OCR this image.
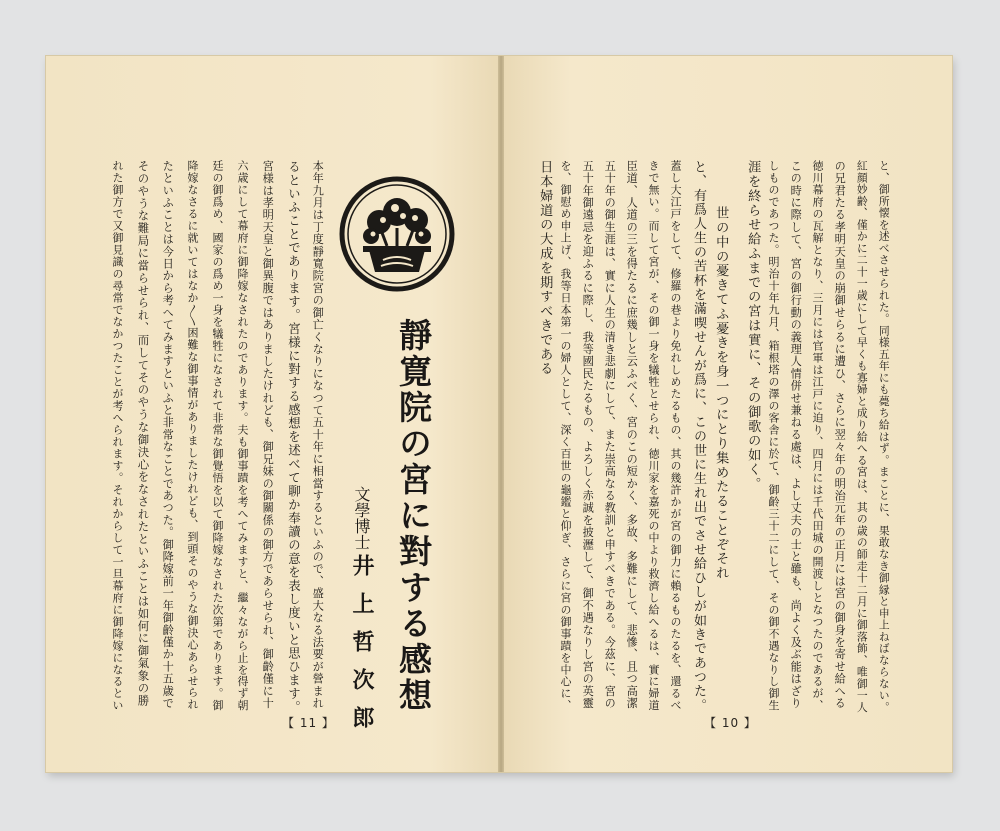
靜寛院の宮に對する感想
文學博士
井上哲次郎
本年九月は丁度靜寛院宮の御亡くなりになつて五十年に相當するといふので、盛大なる法要が營まれ
るといふことであります。宮様に對する感想を述べて聊か奉讀の意を表し度いと思ひます。
宮様は孝明天皇と御異腹ではありましたけれども、御兄妹の御關係の御方であらせられ、御齡僅に十
六歳にして幕府に御降嫁なされたのであります。夫も御事蹟を考へてみますと、繼々ながら止を得ず朝
廷の御爲め、國家の爲め一身を犠牲になされて非常な御覺悟を以て御降嫁なされた次第であります。御
降嫁なさるに就いてはなか〳〵困難な御事情がありましたけれども、到頭そのやうな御決心あらせられ
たといふことは今日から考へてみますといふと非常なことであつた。御降嫁前一年御齡僅か十五歳で
そのやうな難局に當らせられ、而してそのやうな御決心をなされたといふことは如何に御氣象の勝
れた御方で又御見識の尋常でなかつたことが考へられます。それからして一旦幕府に御降嫁になるとい
【 11 】
と、御所懐を述べさせられた。同様五年にも薨ち給はず。まことに、果敢なき御縁と申上ねばならない。
紅顔妙齢、僅かに二十一歳にして早くも寡婦と成り給へる宮は、其の歳の師走十二月に御落飾、唯御一人
の兄君たる孝明天皇の崩御せらるに遭ひ、さらに翌々年の明治元年の正月には宮の御身を寄せ給へる
徳川幕府の瓦解となり、三月には官軍は江戸に迫り、四月には千代田城の開渡しとなつたのであるが、
この時に際して、宮の御行動の義理人情併せ兼ねる處は、よし丈夫の士と雖も、尚よく及ぶ能はざり
しものであつた。明治十年九月、箱根塔の澤の客舎に於て、御齡三十二にして、その御不遇なりし御生
涯を終らせ給ふまでの宮は實に、その御歌の如く。
世の中の憂きてふ憂きを身一つにとり集めたることぞそれ
と、有爲人生の苦杯を滿喫せんが爲に、この世に生れ出でさせ給ひしが如きであつた。
蓋し大江戸をして、修羅の巷より免れしめたるもの、其の幾許かが宮の御力に賴るものたるを、還るべ
きで無い。而して宮が、その御一身を犠牲とせられ、徳川家を嘉死の中より救濟し給へるは、實に婦道
臣道、人道の三を得たるに庶幾しと云ふべく、宮のこの短かく、多故、多難にして、悲慘、且つ高潔
五十年の御生涯は、實に人生の清き悲劇にして、また崇高なる教訓と申すべきである。今茲に、宮の
五十年御遠忌を迎ふるに際し、我等國民たるもの、よろしく赤誠を披瀝して、御不遇なりし宮の英靈
を、御慰め申上げ、我等日本第一の婦人として、深く百世の龜鑑と仰ぎ、さらに宮の御事蹟を中心に、
日本婦道の大成を期すべきである
【 10 】
